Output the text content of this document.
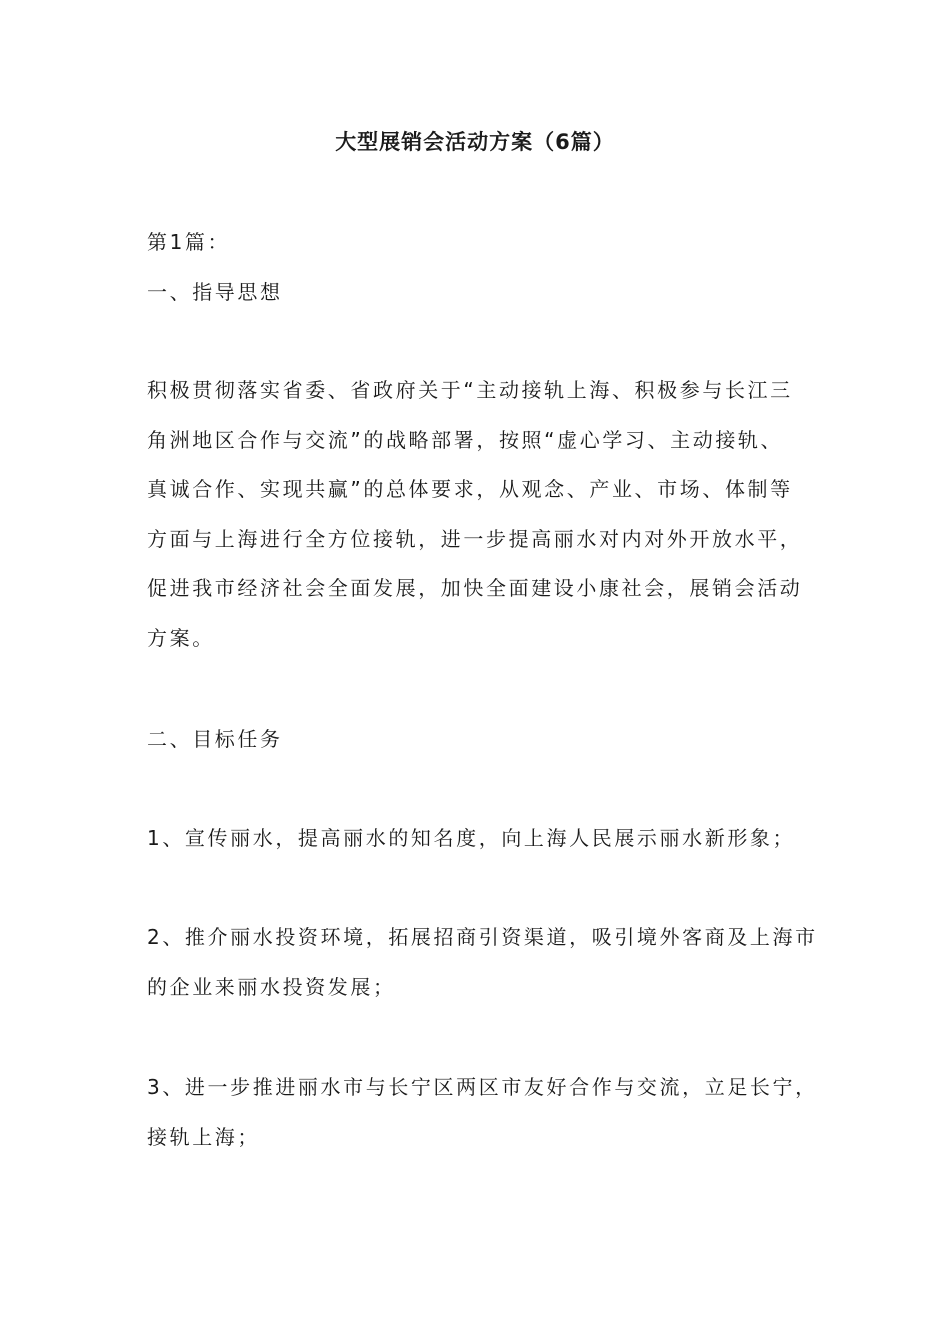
大型展销会活动方案（6篇）
第1篇：
一、指导思想
积极贯彻落实省委、省政府关于“主动接轨上海、积极参与长江三
角洲地区合作与交流”的战略部署，按照“虚心学习、主动接轨、
真诚合作、实现共赢”的总体要求，从观念、产业、市场、体制等
方面与上海进行全方位接轨，进一步提高丽水对内对外开放水平，
促进我市经济社会全面发展，加快全面建设小康社会，展销会活动
方案。
二、目标任务
1、宣传丽水，提高丽水的知名度，向上海人民展示丽水新形象；
2、推介丽水投资环境，拓展招商引资渠道，吸引境外客商及上海市
的企业来丽水投资发展；
3、进一步推进丽水市与长宁区两区市友好合作与交流，立足长宁，
接轨上海；
